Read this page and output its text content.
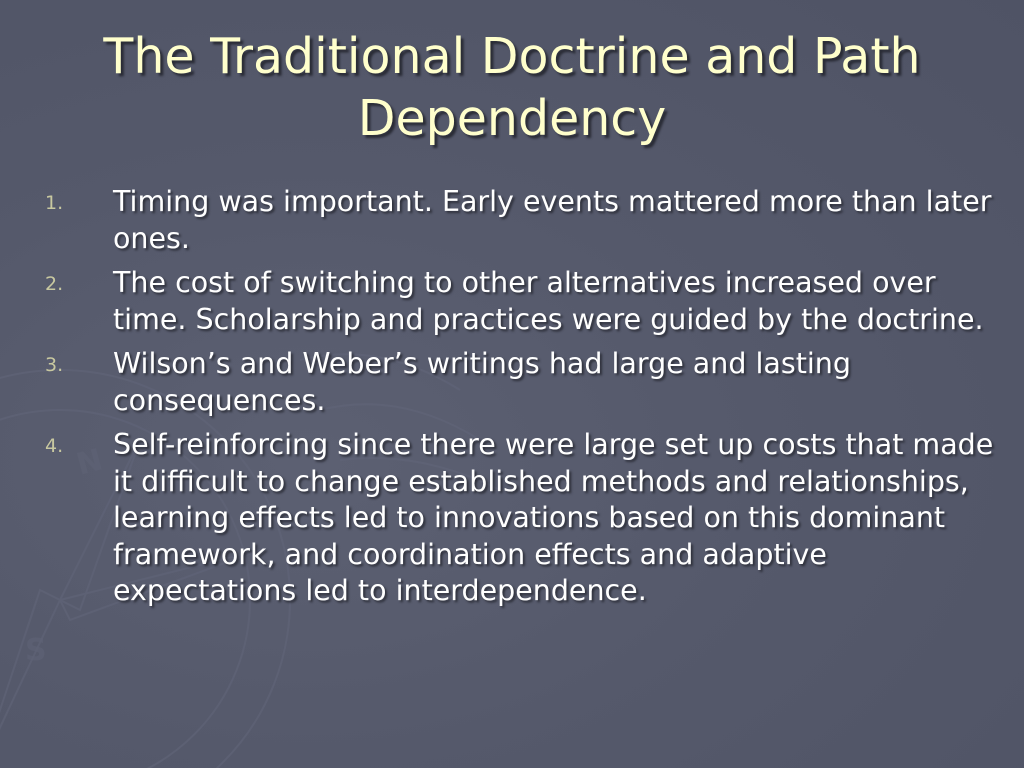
N
S
The Traditional Doctrine and Path
Dependency
1. Timing was important. Early events mattered more than later ones.
2. The cost of switching to other alternatives increased over time. Scholarship and practices were guided by the doctrine.
3. Wilson’s and Weber’s writings had large and lasting consequences.
4. Self-reinforcing since there were large set up costs that made it difficult to change established methods and relationships, learning effects led to innovations based on this dominant framework, and coordination effects and adaptive expectations led to interdependence.
